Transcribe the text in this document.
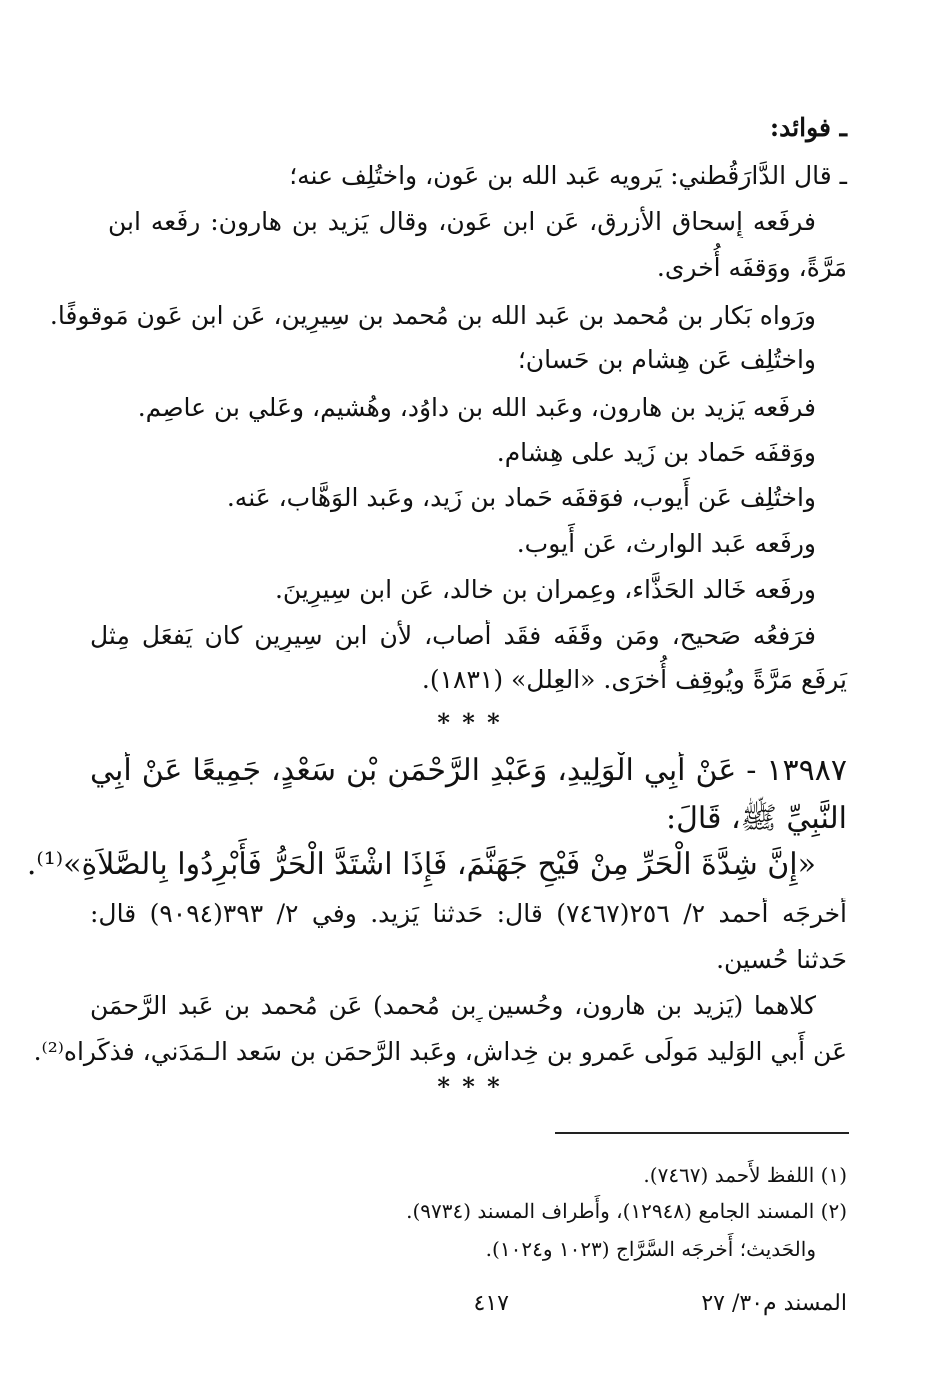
ـ فوائد:

ـ قال الدَّارَقُطني: يَرويه عَبد الله بن عَون، واختُلِف عنه؛

فرفَعه إِسحاق الأَزرق، عَن ابن عَون، وقال يَزيد بن هارون: رفَعه ابن

مَرَّةً، ووَقفَه أُخرى.

ورَواه بَكار بن مُحمد بن عَبد الله بن مُحمد بن سِيرِين، عَن ابن عَون مَوقوفًا.

واختُلِف عَن هِشام بن حَسان؛

فرفَعه يَزيد بن هارون، وعَبد الله بن داوُد، وهُشيم، وعَلي بن عاصِم.

ووَقفَه حَماد بن زَيد على هِشام.

واختُلِف عَن أَيوب، فوَقفَه حَماد بن زَيد، وعَبد الوَهَّاب، عَنه.

ورفَعه عَبد الوارث، عَن أَيوب.

ورفَعه خَالد الحَذَّاء، وعِمران بن خالد، عَن ابن سِيرِينَ.

فرَفعُه صَحيح، ومَن وقَفَه فقَد أَصاب، لأَن ابن سِيرِين كان يَفعَل مِثل

يَرفَع مَرَّةً ويُوقِف أُخرَى. «العِلل» (١٨٣١).

* * *

١٣٩٨٧ - عَنْ أَبِي الْوَلِيدِ، وَعَبْدِ الرَّحْمَنِ بْنِ سَعْدٍ، جَمِيعًا عَنْ أَبِي

النَّبِيِّ ﷺ، قَالَ:

«إِنَّ شِدَّةَ الْحَرِّ مِنْ فَيْحِ جَهَنَّمَ، فَإِذَا اشْتَدَّ الْحَرُّ فَأَبْرِدُوا بِالصَّلاَةِ»⁽¹⁾.

أَخرجَه أَحمد ٢/ ٢٥٦(٧٤٦٧) قال: حَدثنا يَزيد. وفي ٢/ ٣٩٣(٩٠٩٤) قال:

حَدثنا حُسين.

كلاهما (يَزيد بن هارون، وحُسين بن مُحمد) عَن مُحمد بن عَبد الرَّحمَن

عَن أَبي الوَليد مَولَى عَمرو بن خِداش، وعَبد الرَّحمَن بن سَعد الـمَدَني، فذكَراه⁽²⁾.

* * *

(١) اللفظ لأَحمد (٧٤٦٧).

(٢) المسند الجامع (١٢٩٤٨)، وأَطراف المسند (٩٧٣٤).

والحَديث؛ أَخرجَه السَّرَّاج (١٠٢٣ و١٠٢٤).

المسند م٣٠/ ٢٧
٤١٧
